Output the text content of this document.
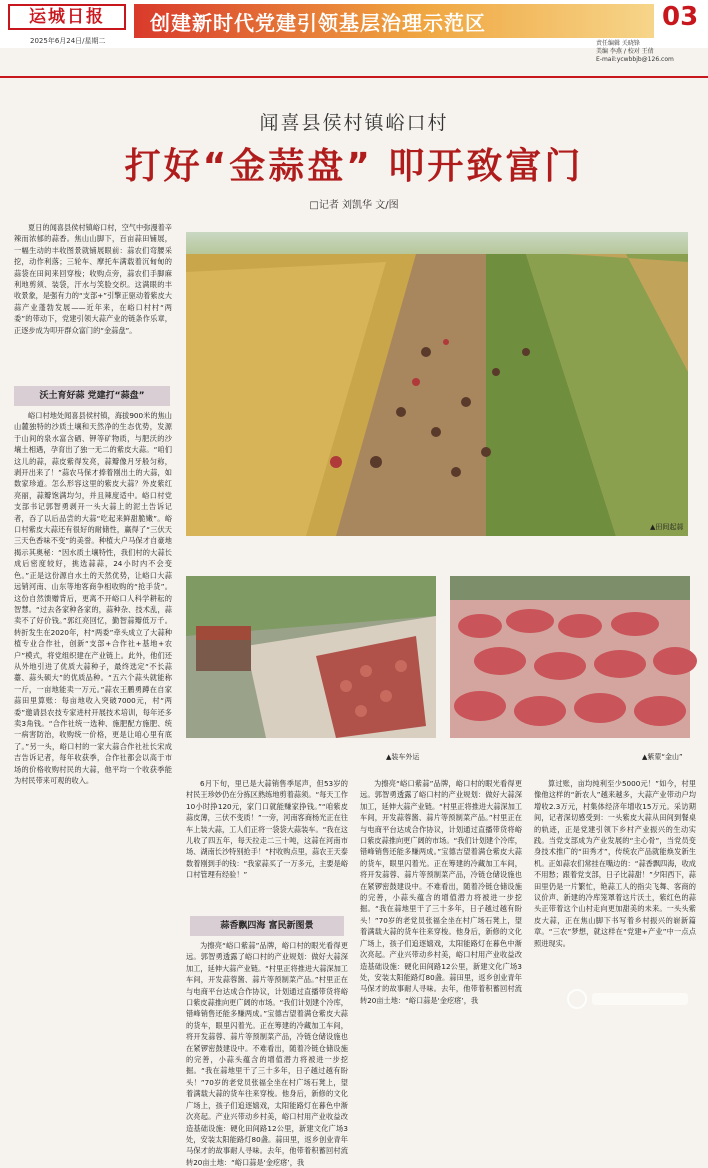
运城日报
2025年6月24日/星期二
创建新时代党建引领基层治理示范区	03
责任编辑 关晓锋
美编 李燕 / 校对 王倩
E-mail:ycwbbjb@126.com
闻喜县侯村镇峪口村
打好“金蒜盘” 叩开致富门
□记者 刘凯华 文/图
夏日的闻喜县侯村镇峪口村，空气中弥漫着辛辣而浓郁的蒜香。焦山山脚下，百亩蒜田铺展，一幅生动的丰收图景就铺展眼前：蒜农们弯腰采挖，动作利落；三轮车、摩托车满载着沉甸甸的蒜袋在田间来回穿梭；收购点旁，蒜农们手脚麻利地剪须、装袋，汗水与笑脸交织。这满眼的丰收景象，是强有力的“支部+”引擎正驱动着紫皮大蒜产业蓬勃发展——近年来，在峪口村村“两委”的带动下，党建引领大蒜产业的链条作乐章，正逐步成为叩开群众富门的“金蒜盘”。
沃土育好蒜 党建打“蒜盘”
峪口村地处闻喜县侯村镇，海拔900米的焦山山麓独特的沙质土壤和天然净的生态优势，发源于山间的泉水富含硒、钾等矿物质，与肥沃的沙壤土相遇，孕育出了独一无二的紫皮大蒜。“咱们这儿的蒜，蒜皮紫得发亮，蒜瓣像月牙般匀称，剥开出来了！”蒜农马保才捧着刚出土的大蒜，如数家珍道。怎么形容这里的紫皮大蒜？外皮紫红亮丽，蒜瓣饱满均匀，并且辣度适中。峪口村党支部书记郭智勇剥开一头大蒜上的泥土告诉记者，吞了以后品尝的大蒜“吃起来鲜甜脆嫩”。峪口村紫皮大蒜还有很好的耐储性，赢得了“三伏天三天色香味不变”的美誉。种植大户马保才自豪地揭示其奥秘：“因水质土壤特性，我们村的大蒜长成后密度较好，挑选蒜蒜，24小时内不会变色。”正是这份源自水土的天然优势，让峪口大蒜远销河南、山东等地客商争相收购的“抢手货”。这份自然馈赠背后，更离不开峪口人科学耕耘的智慧。“过去各家种各家的，蒜种杂、技术乱，蒜卖不了好价钱。”郭红亮回忆，勤智蒜瓣低万千。转折发生在2020年，村“两委”牵头成立了大蒜种植专业合作社，创新“支部+合作社+基地+农户”模式，将党组织建在产业链上。此外，他们还从外地引进了优质大蒜种子，最终选定“不长蒜薹、蒜头硕大”的优质品种。“五六个蒜头就能称一斤，一亩地能卖一万元。”蒜农王鹏勇蹲在自家蒜田里算账：每亩地收入突破7000元，村“两委”邀请县农技专家进村开展技术培训，每年还多卖3角钱。“合作社统一选种、施肥配方施肥、统一病害防治，收购统一价格，更是让咱心里有底了。”另一头，峪口村的一家大蒜合作社社长宋成吉告诉记者，每年收获季，合作社都会以高于市场的价格收购村民的大蒜，他平均一个收获季能为村民带来可观的收入。
▲田间起蒜
▲装车外运	▲紫蒙“金山”
6月下旬，里已是大蒜销售季尾声，但53岁的村民王珍妙仍在分拣区熟练地剪着蒜须。“每天工作10小时挣120元，家门口就能赚家挣钱。”“咱紫皮蒜皮薄，三伏不变质！”一旁，河南客商杨光正在往车上装大蒜，工人们正将一袋袋大蒜装车。“我在这儿收了四五年，每天拉走二三十吨，这蒜在河南市场、湖南长沙特别抢手！”村收购点里，蒜农王天泰数着刚到手的钱：“我家蒜买了一万多元，主要是峪口村管理有经验！”
蒜香飘四海 富民新图景
为擦亮“峪口紫蒜”品牌，峪口村的眼光看得更远。郭智勇透露了峪口村的产业规划：做好大蒜深加工，延伸大蒜产业链。“村里正将推进大蒜深加工车间，开发蒜蓉酱、蒜片等预制菜产品。”村里正在与电商平台达成合作协议，计划通过直播带货将峪口紫皮蒜推向更广阔的市场。“我们计划建个冷库，错峰销售还能多赚两成。”宝德吉望着满仓紫皮大蒜的货车，眼里闪着光。正在筹建的冷藏加工车间，将开发蒜蓉、蒜片等预制菜产品，冷链仓储设施也在紧锣密鼓建设中。不难看出，随着冷链仓储设施的完善，小蒜头蕴含的增值潜力将被进一步挖掘。“我在蒜地里干了三十多年，日子越过越有盼头！”70岁的老党员张福全坐在村广场石凳上，望着满载大蒜的货车往来穿梭。他身后，新修的文化广场上，孩子们追逐嬉戏，太阳能路灯在暮色中渐次亮起。产业兴带动乡村美，峪口村用产业收益改造基础设施：硬化田间路12公里，新建文化广场3处，安装太阳能路灯80盏。蒜田里，返乡创业青年马保才的故事耐人寻味。去年，他带着积蓄回村流转20亩土地：“峪口蒜是‘金疙瘩’，我
为擦亮“峪口紫蒜”品牌，峪口村的眼光看得更远。郭智勇透露了峪口村的产业规划：做好大蒜深加工，延伸大蒜产业链。“村里正将推进大蒜深加工车间，开发蒜蓉酱、蒜片等预制菜产品。”村里正在与电商平台达成合作协议，计划通过直播带货将峪口紫皮蒜推向更广阔的市场。“我们计划建个冷库，错峰销售还能多赚两成。”宝德吉望着满仓紫皮大蒜的货车，眼里闪着光。正在筹建的冷藏加工车间，将开发蒜蓉、蒜片等预制菜产品，冷链仓储设施也在紧锣密鼓建设中。不难看出，随着冷链仓储设施的完善，小蒜头蕴含的增值潜力将被进一步挖掘。“我在蒜地里干了三十多年，日子越过越有盼头！”70岁的老党员张福全坐在村广场石凳上，望着满载大蒜的货车往来穿梭。他身后，新修的文化广场上，孩子们追逐嬉戏，太阳能路灯在暮色中渐次亮起。产业兴带动乡村美，峪口村用产业收益改造基础设施：硬化田间路12公里，新建文化广场3处，安装太阳能路灯80盏。蒜田里，返乡创业青年马保才的故事耐人寻味。去年，他带着积蓄回村流转20亩土地：“峪口蒜是‘金疙瘩’，我
算过账，亩均纯利至少5000元！”如今，村里像他这样的“新农人”越来越多，大蒜产业带动户均增收2.3万元，村集体经济年增收15万元。采访期间，记者深切感受到：一头紫皮大蒜从田间到餐桌的轨迹，正是党建引领下乡村产业振兴的生动实践。当党支部成为产业发展的“主心骨”，当党员变身技术推广的“田秀才”，传统农产品就能焕发新生机。正如蒜农们常挂在嘴边的：“蒜香飘四海，收成不用愁；跟着党支部，日子比蒜甜！”夕阳西下，蒜田里仍是一片繁忙，艳蒜工人的指尖飞舞、客商的议价声、新建的冷库笼罩着这片沃土，紫红色的蒜头正带着这个山村走向更加甜美的未来。一头头紫皮大蒜，正在焦山脚下书写着乡村振兴的崭新篇章。“三农”梦想，就这样在“党建+产业”中一点点照进现实。
